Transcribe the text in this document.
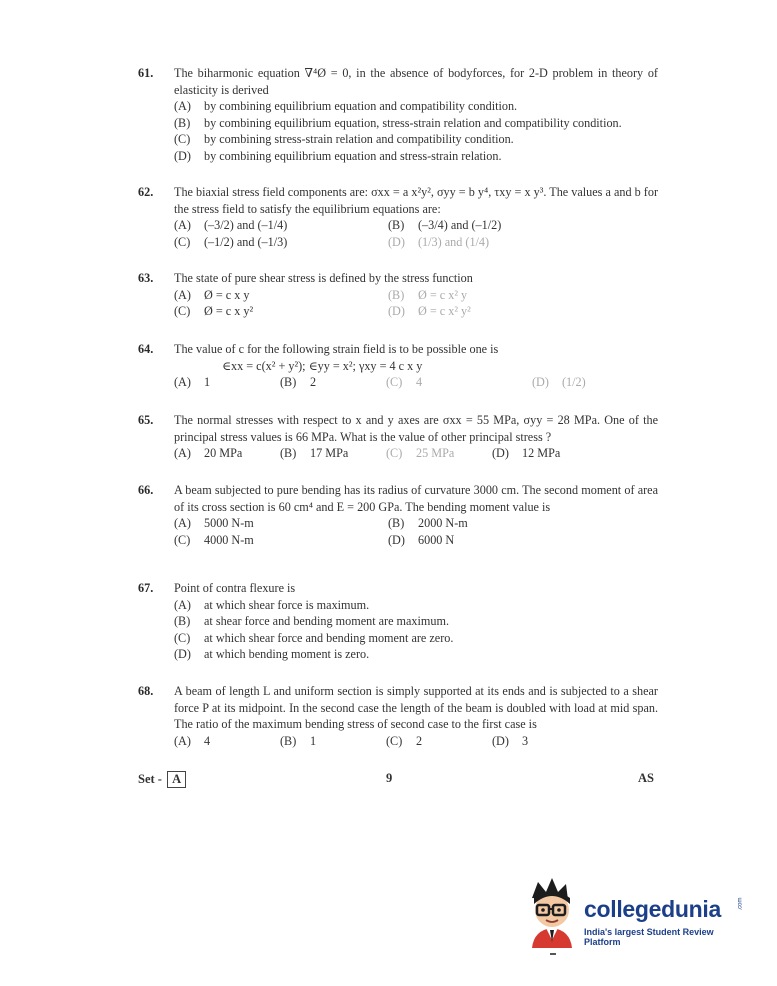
61. The biharmonic equation ∇⁴Ø = 0, in the absence of bodyforces, for 2-D problem in theory of elasticity is derived
(A)	by combining equilibrium equation and compatibility condition.
(B)	by combining equilibrium equation, stress-strain relation and compatibility condition.
(C)	by combining stress-strain relation and compatibility condition.
(D)	by combining equilibrium equation and stress-strain relation.
62. The biaxial stress field components are: σxx = a x²y², σyy = b y⁴, τxy = x y³. The values a and b for the stress field to satisfy the equilibrium equations are:
(A)	(–3/2) and (–1/4)	(B)	(–3/4) and (–1/2)
(C)	(–1/2) and (–1/3)	(D)	(1/3) and (1/4)
63. The state of pure shear stress is defined by the stress function
(A)	Ø = c x y	(B)	Ø = c x² y
(C)	Ø = c x y²	(D)	Ø = c x² y²
64. The value of c for the following strain field is to be possible one is
∈xx = c(x² + y²); ∈yy = x²; γxy = 4 c x y
(A)	1	(B)	2	(C)	4	(D)	(1/2)
65. The normal stresses with respect to x and y axes are σxx = 55 MPa, σyy = 28 MPa. One of the principal stress values is 66 MPa. What is the value of other principal stress ?
(A)	20 MPa	(B)	17 MPa	(C)	25 MPa	(D)	12 MPa
66. A beam subjected to pure bending has its radius of curvature 3000 cm. The second moment of area of its cross section is 60 cm⁴ and E = 200 GPa. The bending moment value is
(A)	5000 N-m	(B)	2000 N-m
(C)	4000 N-m	(D)	6000 N
67. Point of contra flexure is
(A)	at which shear force is maximum.
(B)	at shear force and bending moment are maximum.
(C)	at which shear force and bending moment are zero.
(D)	at which bending moment is zero.
68. A beam of length L and uniform section is simply supported at its ends and is subjected to a shear force P at its midpoint. In the second case the length of the beam is doubled with load at mid span. The ratio of the maximum bending stress of second case to the first case is
(A)	4	(B)	1	(C)	2	(D)	3
Set - A	9	AS
collegedunia	.com
India's largest Student Review Platform
